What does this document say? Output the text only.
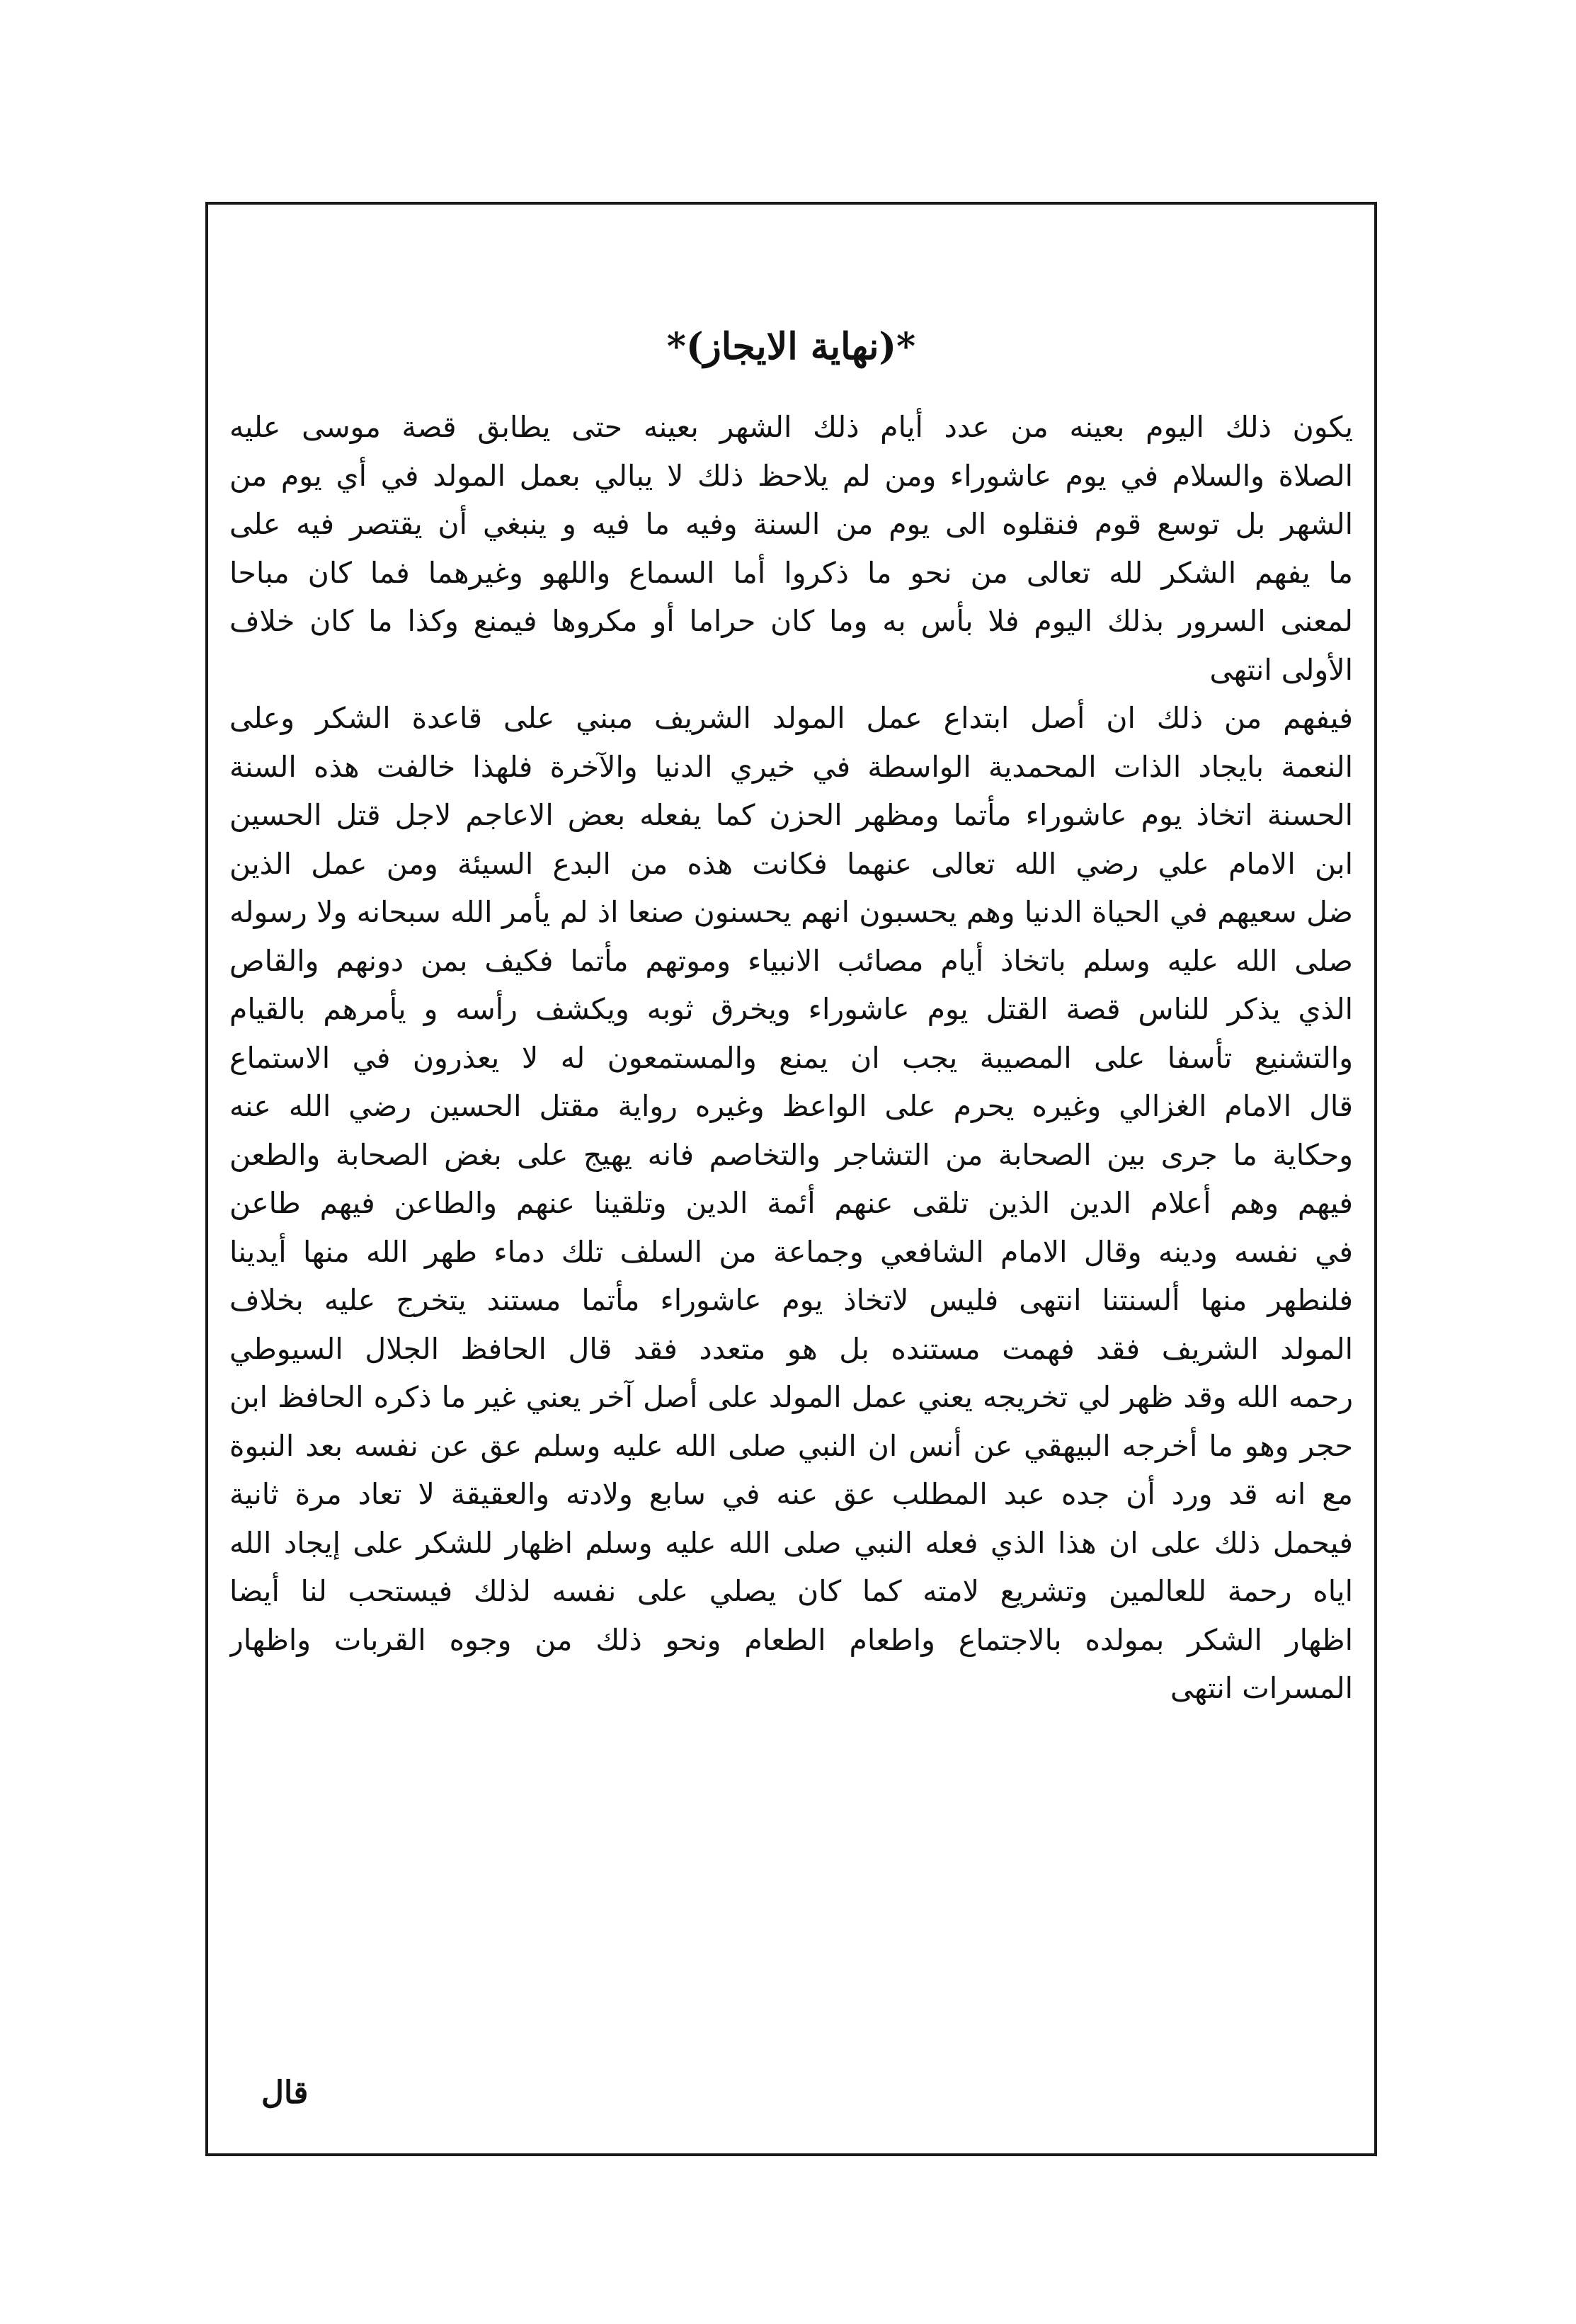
*(نهاية الايجاز)*
يكون ذلك اليوم بعينه من عدد أيام ذلك الشهر بعينه حتى يطابق قصة موسى عليه
الصلاة والسلام في يوم عاشوراء ومن لم يلاحظ ذلك لا يبالي بعمل المولد في أي يوم من
الشهر بل توسع قوم فنقلوه الى يوم من السنة وفيه ما فيه و ينبغي أن يقتصر فيه على
ما يفهم الشكر لله تعالى من نحو ما ذكروا أما السماع واللهو وغيرهما فما كان مباحا
لمعنى السرور بذلك اليوم فلا بأس به وما كان حراما أو مكروها فيمنع وكذا ما كان خلاف
الأولى انتهى
فيفهم من ذلك ان أصل ابتداع عمل المولد الشريف مبني على قاعدة الشكر وعلى
النعمة بايجاد الذات المحمدية الواسطة في خيري الدنيا والآخرة فلهذا خالفت هذه السنة
الحسنة اتخاذ يوم عاشوراء مأتما ومظهر الحزن كما يفعله بعض الاعاجم لاجل قتل الحسين
ابن الامام علي رضي الله تعالى عنهما فكانت هذه من البدع السيئة ومن عمل الذين
ضل سعيهم في الحياة الدنيا وهم يحسبون انهم يحسنون صنعا اذ لم يأمر الله سبحانه ولا رسوله
صلى الله عليه وسلم باتخاذ أيام مصائب الانبياء وموتهم مأتما فكيف بمن دونهم والقاص
الذي يذكر للناس قصة القتل يوم عاشوراء ويخرق ثوبه ويكشف رأسه و يأمرهم بالقيام
والتشنيع تأسفا على المصيبة يجب ان يمنع والمستمعون له لا يعذرون في الاستماع
قال الامام الغزالي وغيره يحرم على الواعظ وغيره رواية مقتل الحسين رضي الله عنه
وحكاية ما جرى بين الصحابة من التشاجر والتخاصم فانه يهيج على بغض الصحابة والطعن
فيهم وهم أعلام الدين الذين تلقى عنهم أئمة الدين وتلقينا عنهم والطاعن فيهم طاعن
في نفسه ودينه وقال الامام الشافعي وجماعة من السلف تلك دماء طهر الله منها أيدينا
فلنطهر منها ألسنتنا انتهى فليس لاتخاذ يوم عاشوراء مأتما مستند يتخرج عليه بخلاف
المولد الشريف فقد فهمت مستنده بل هو متعدد فقد قال الحافظ الجلال السيوطي
رحمه الله وقد ظهر لي تخريجه يعني عمل المولد على أصل آخر يعني غير ما ذكره الحافظ ابن
حجر وهو ما أخرجه البيهقي عن أنس ان النبي صلى الله عليه وسلم عق عن نفسه بعد النبوة
مع انه قد ورد أن جده عبد المطلب عق عنه في سابع ولادته والعقيقة لا تعاد مرة ثانية
فيحمل ذلك على ان هذا الذي فعله النبي صلى الله عليه وسلم اظهار للشكر على إيجاد الله
اياه رحمة للعالمين وتشريع لامته كما كان يصلي على نفسه لذلك فيستحب لنا أيضا
اظهار الشكر بمولده بالاجتماع واطعام الطعام ونحو ذلك من وجوه القربات واظهار
المسرات انتهى
قال
